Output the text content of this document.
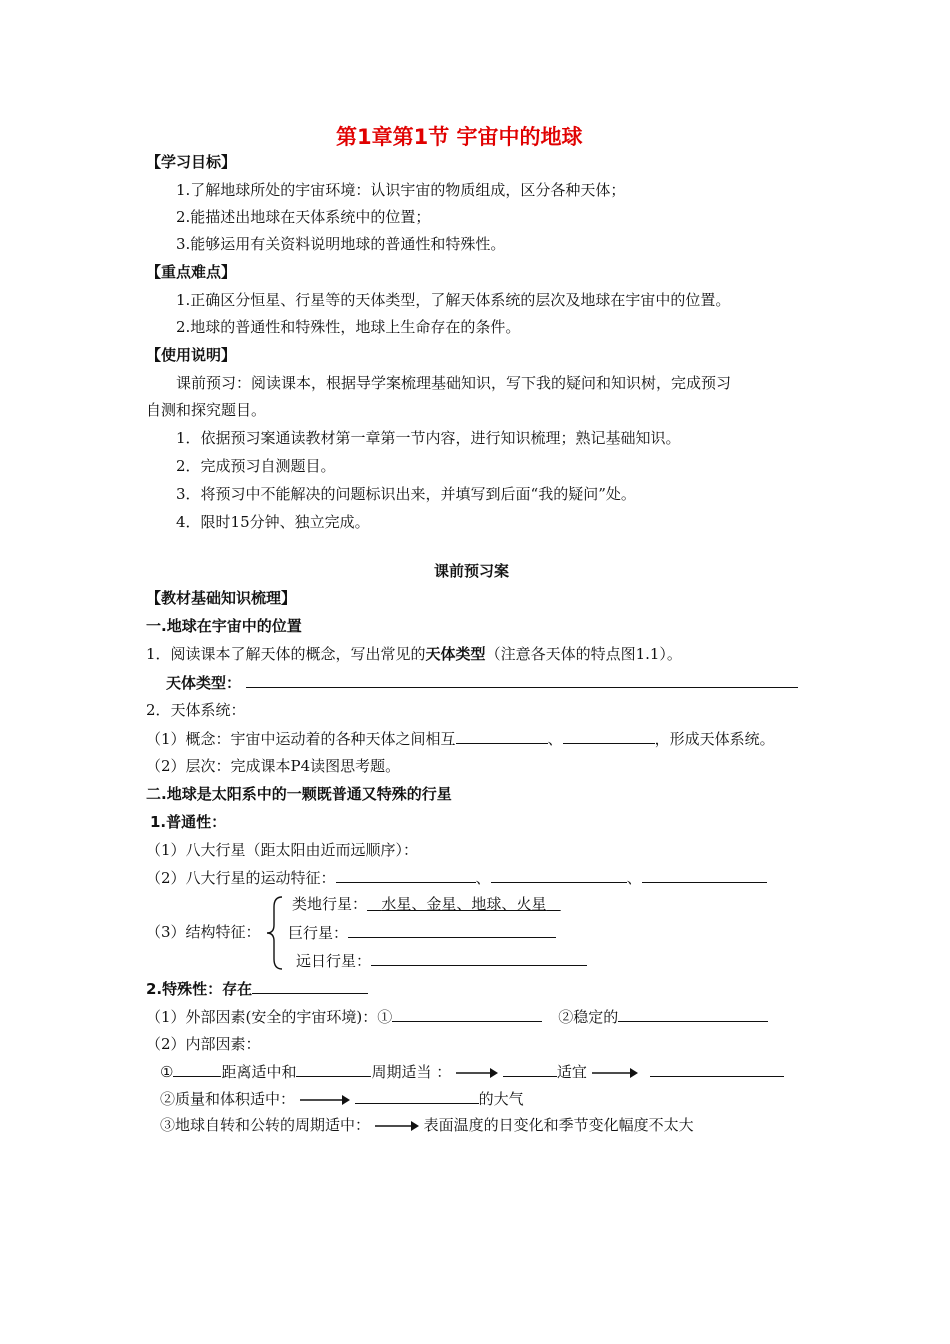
第1章第1节 宇宙中的地球
【学习目标】
1.了解地球所处的宇宙环境：认识宇宙的物质组成，区分各种天体；
2.能描述出地球在天体系统中的位置；
3.能够运用有关资料说明地球的普通性和特殊性。
【重点难点】
1.正确区分恒星、行星等的天体类型，了解天体系统的层次及地球在宇宙中的位置。
2.地球的普通性和特殊性，地球上生命存在的条件。
【使用说明】
课前预习：阅读课本，根据导学案梳理基础知识，写下我的疑问和知识树，完成预习
自测和探究题目。
1．依据预习案通读教材第一章第一节内容，进行知识梳理；熟记基础知识。
2．完成预习自测题目。
3．将预习中不能解决的问题标识出来，并填写到后面“我的疑问”处。
4．限时15分钟、独立完成。
课前预习案
【教材基础知识梳理】
一.地球在宇宙中的位置
1．阅读课本了解天体的概念，写出常见的天体类型（注意各天体的特点图1.1）。
天体类型：
2．天体系统：
（1）概念：宇宙中运动着的各种天体之间相互	、	，形成天体系统。
（2）层次：完成课本P4读图思考题。
二.地球是太阳系中的一颗既普通又特殊的行星
1.普通性：
（1）八大行星（距太阳由近而远顺序）：
（2）八大行星的运动特征：	、	、
（3）结构特征：
类地行星： 水星、金星、地球、火星
巨行星：
远日行星：
2.特殊性：存在
（1）外部因素(安全的宇宙环境)：①	②稳定的
（2）内部因素：
①	距离适中和	周期适当 ：	适宜
②质量和体积适中：	的大气
③地球自转和公转的周期适中：	表面温度的日变化和季节变化幅度不太大
